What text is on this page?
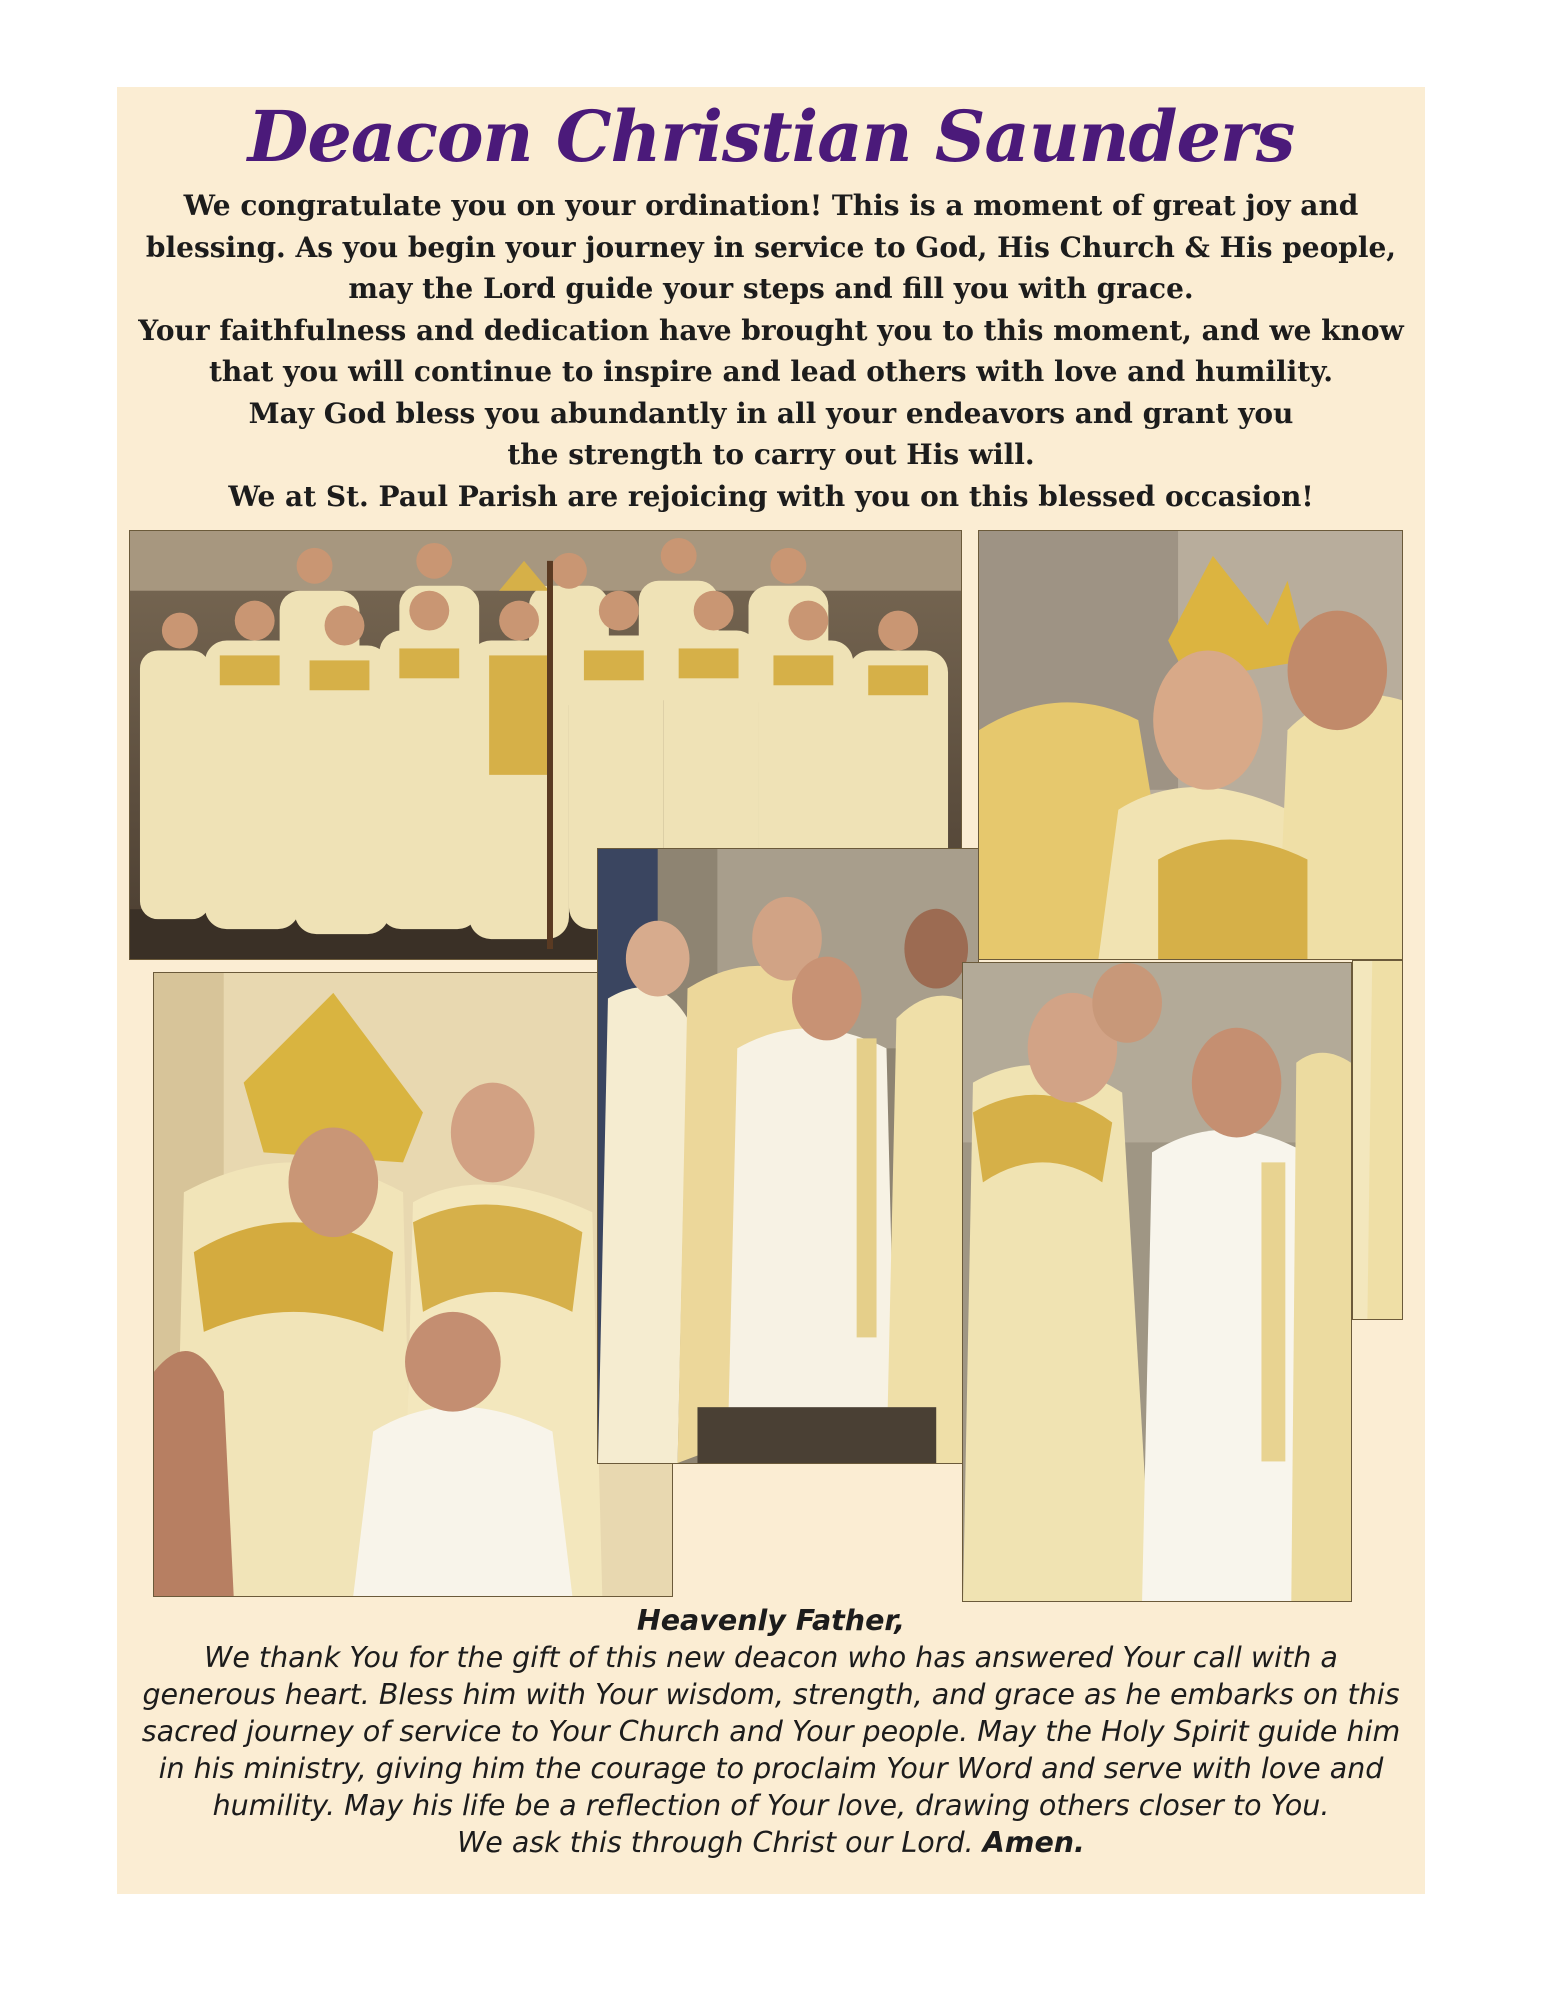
Deacon Christian Saunders
We congratulate you on your ordination! This is a moment of great joy and
blessing. As you begin your journey in service to God, His Church & His people,
may the Lord guide your steps and fill you with grace.
Your faithfulness and dedication have brought you to this moment, and we know
that you will continue to inspire and lead others with love and humility.
May God bless you abundantly in all your endeavors and grant you
the strength to carry out His will.
We at St. Paul Parish are rejoicing with you on this blessed occasion!
Heavenly Father,
We thank You for the gift of this new deacon who has answered Your call with a
generous heart. Bless him with Your wisdom, strength, and grace as he embarks on this
sacred journey of service to Your Church and Your people. May the Holy Spirit guide him
in his ministry, giving him the courage to proclaim Your Word and serve with love and
humility. May his life be a reflection of Your love, drawing others closer to You.
We ask this through Christ our Lord. Amen.
